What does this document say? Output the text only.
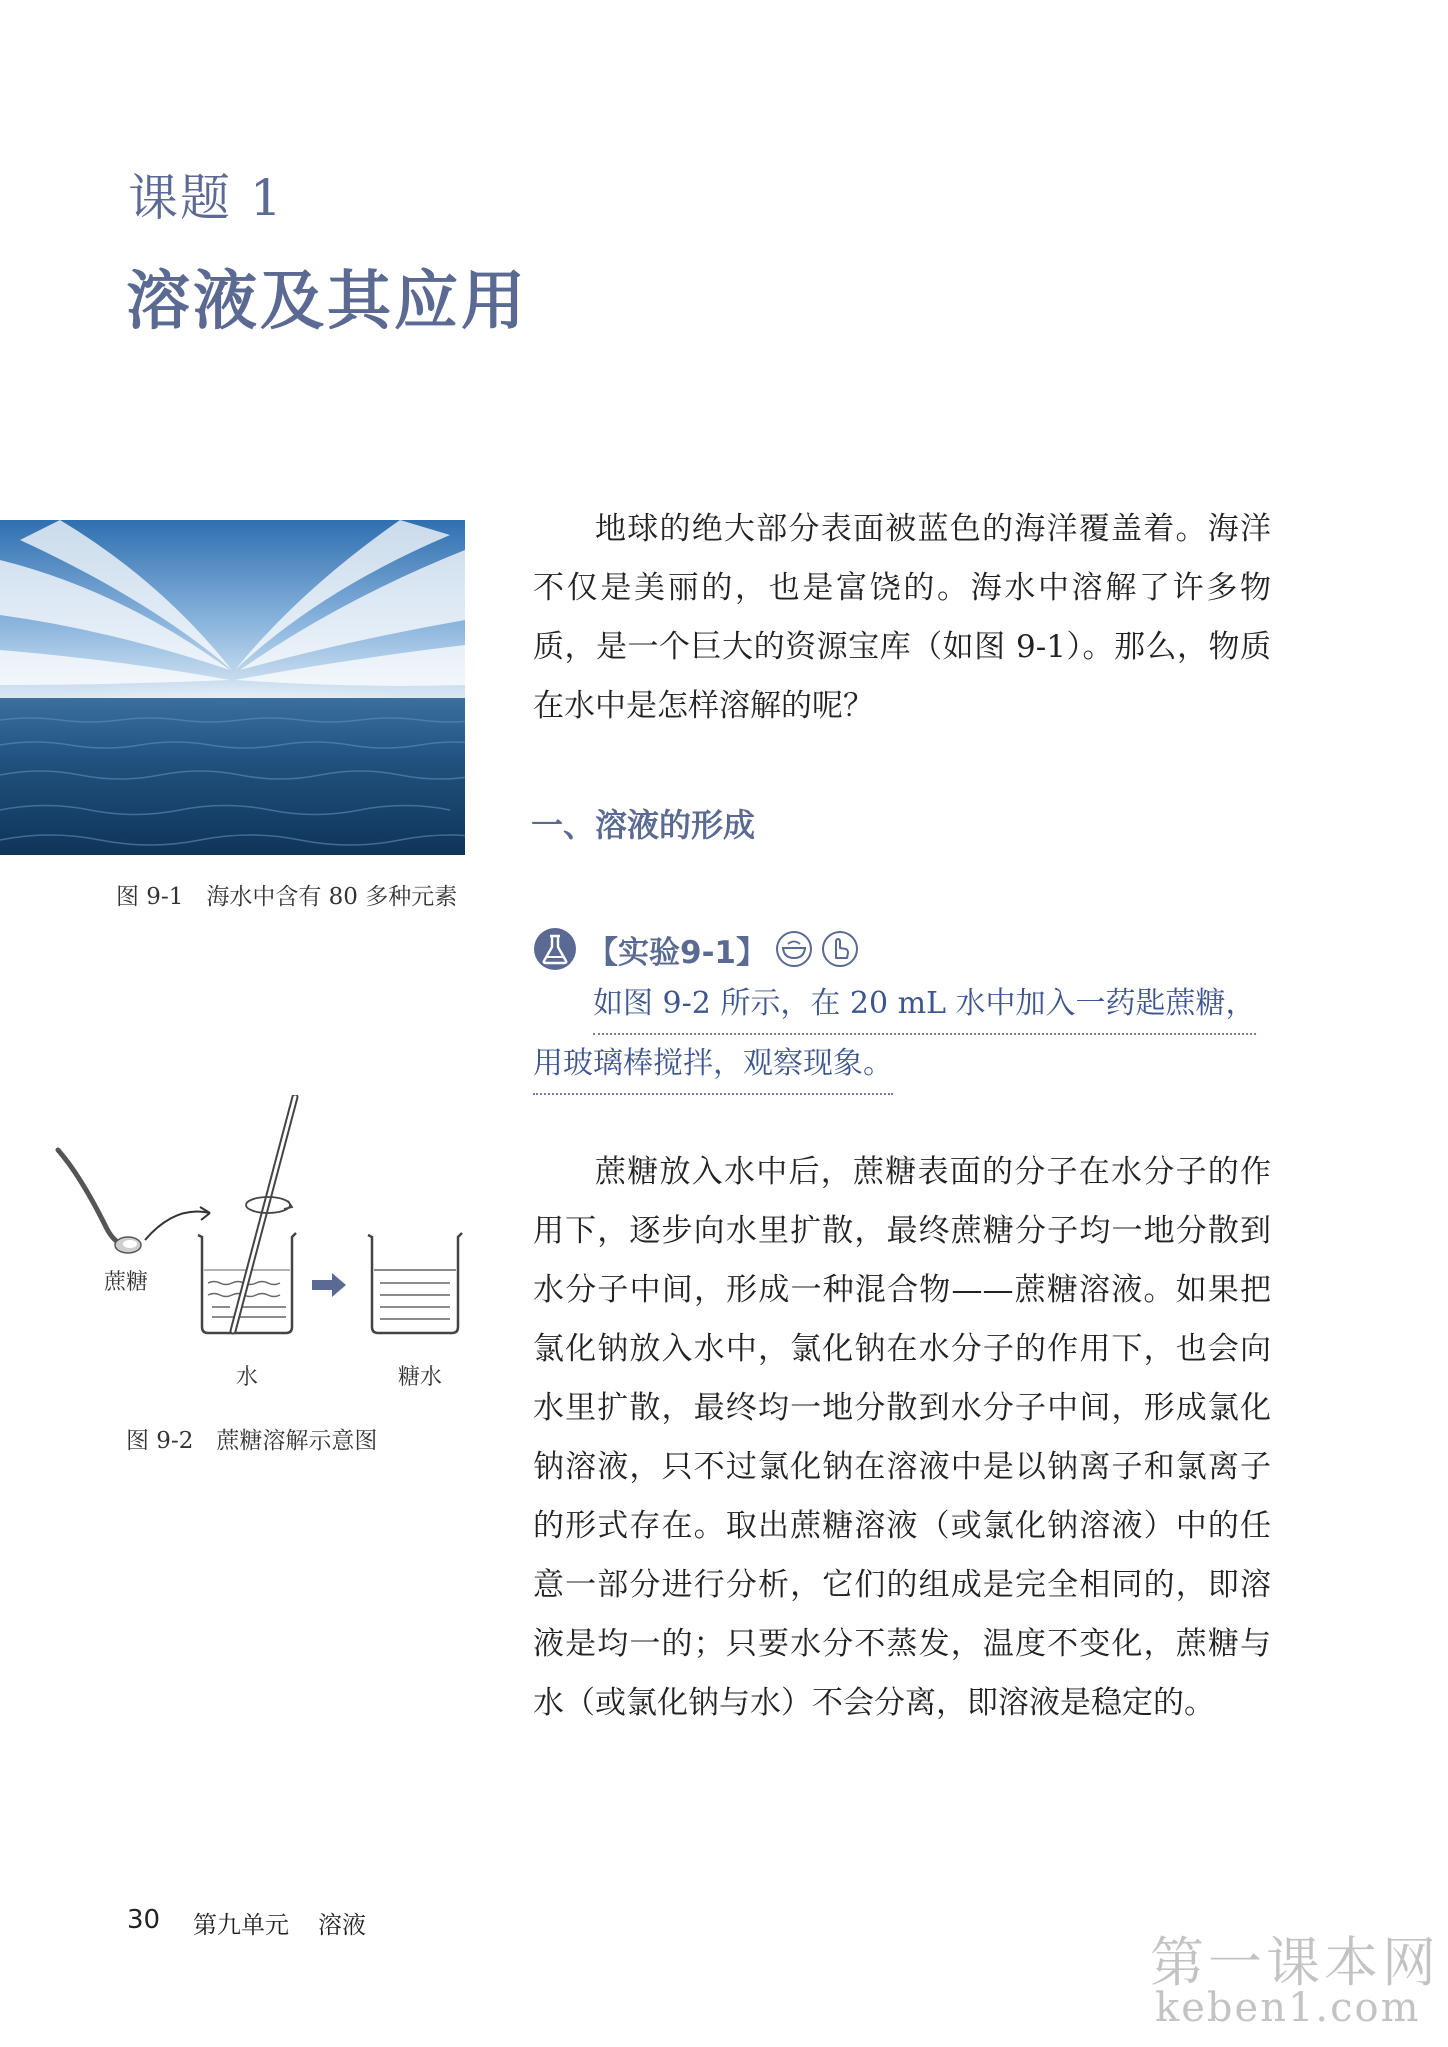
课题 1
溶液及其应用
图 9-1　海水中含有 80 多种元素

地球的绝大部分表面被蓝色的海洋覆盖着。海洋不仅是美丽的，也是富饶的。海水中溶解了许多物质，是一个巨大的资源宝库（如图 9-1）。那么，物质在水中是怎样溶解的呢？

一、溶液的形成
【实验9-1】
如图 9-2 所示，在 20 mL 水中加入一药匙蔗糖，
用玻璃棒搅拌，观察现象。
蔗糖
水	糖水
图 9-2　蔗糖溶解示意图

蔗糖放入水中后，蔗糖表面的分子在水分子的作用下，逐步向水里扩散，最终蔗糖分子均一地分散到水分子中间，形成一种混合物——蔗糖溶液。如果把氯化钠放入水中，氯化钠在水分子的作用下，也会向水里扩散，最终均一地分散到水分子中间，形成氯化钠溶液，只不过氯化钠在溶液中是以钠离子和氯离子的形式存在。取出蔗糖溶液（或氯化钠溶液）中的任意一部分进行分析，它们的组成是完全相同的，即溶液是均一的；只要水分不蒸发，温度不变化，蔗糖与水（或氯化钠与水）不会分离，即溶液是稳定的。

30 第九单元 溶液
第一课本网
keben1.com
